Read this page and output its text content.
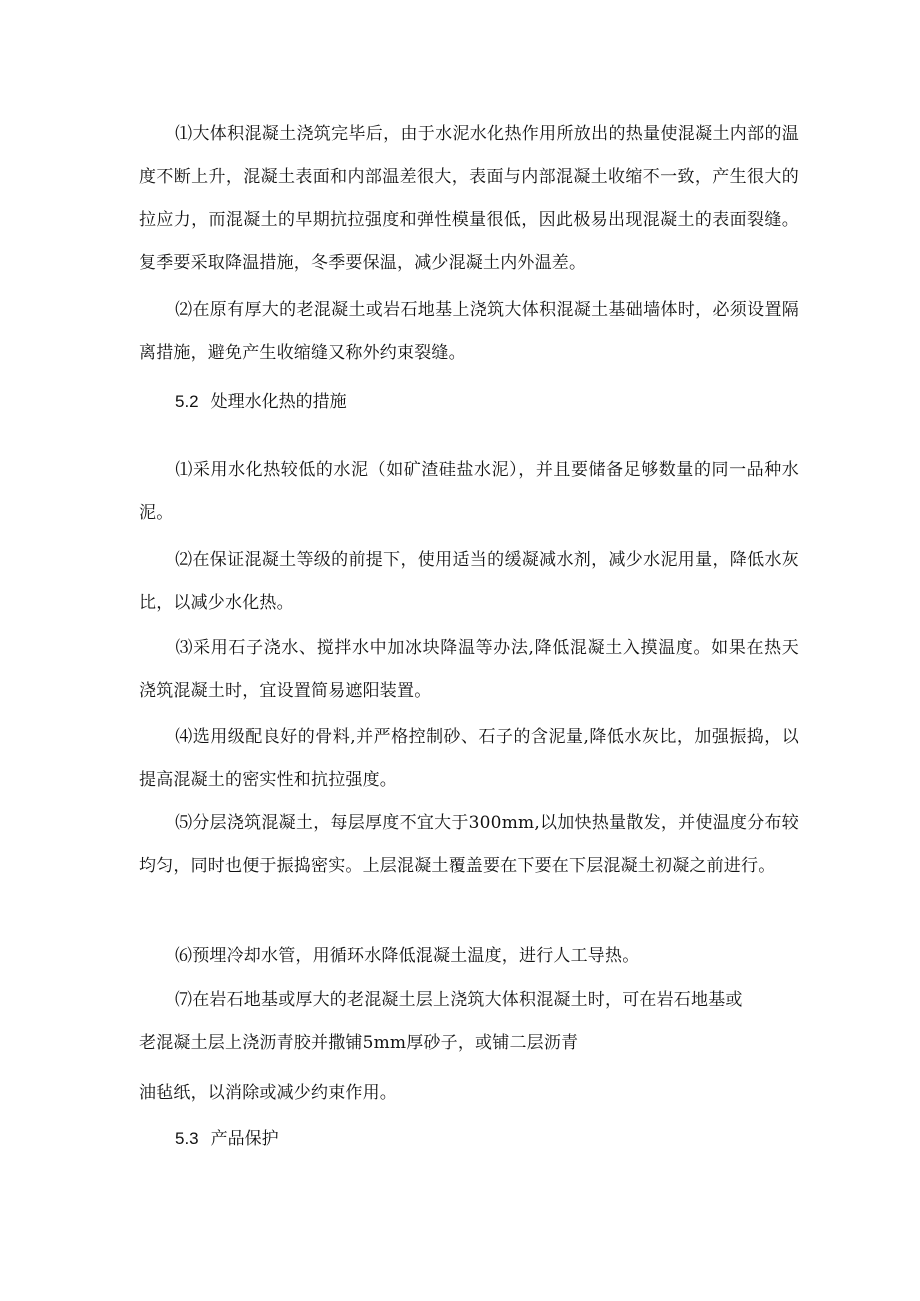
⑴大体积混凝土浇筑完毕后，由于水泥水化热作用所放出的热量使混凝土内部的温度不断上升，混凝土表面和内部温差很大，表面与内部混凝土收缩不一致，产生很大的拉应力，而混凝土的早期抗拉强度和弹性模量很低，因此极易出现混凝土的表面裂缝。复季要采取降温措施，冬季要保温，减少混凝土内外温差。

⑵在原有厚大的老混凝土或岩石地基上浇筑大体积混凝土基础墙体时，必须设置隔离措施，避免产生收缩缝又称外约束裂缝。

5.2 处理水化热的措施

⑴采用水化热较低的水泥（如矿渣硅盐水泥），并且要储备足够数量的同一品种水泥。

⑵在保证混凝土等级的前提下，使用适当的缓凝减水剂，减少水泥用量，降低水灰比，以减少水化热。

⑶采用石子浇水、搅拌水中加冰块降温等办法,降低混凝土入摸温度。如果在热天浇筑混凝土时，宜设置简易遮阳装置。

⑷选用级配良好的骨料,并严格控制砂、石子的含泥量,降低水灰比，加强振捣，以提高混凝土的密实性和抗拉强度。

⑸分层浇筑混凝土，每层厚度不宜大于300mm,以加快热量散发，并使温度分布较均匀，同时也便于振捣密实。上层混凝土覆盖要在下要在下层混凝土初凝之前进行。

⑹预埋冷却水管，用循环水降低混凝土温度，进行人工导热。

⑺在岩石地基或厚大的老混凝土层上浇筑大体积混凝土时，可在岩石地基或

老混凝土层上浇沥青胶并撒铺5mm厚砂子，或铺二层沥青

油毡纸，以消除或减少约束作用。

5.3 产品保护
